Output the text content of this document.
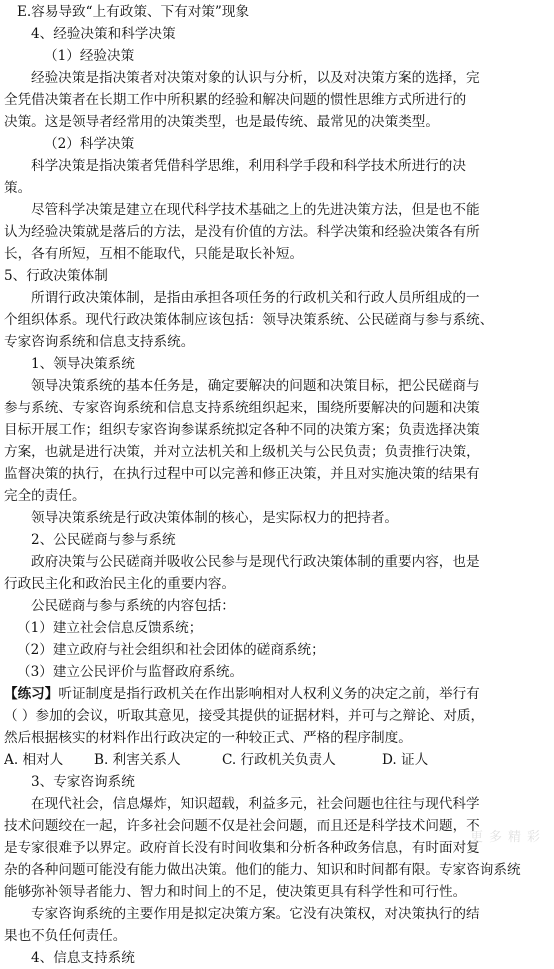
E.容易导致“上有政策、下有对策”现象
4、经验决策和科学决策
（1）经验决策
经验决策是指决策者对决策对象的认识与分析，以及对决策方案的选择，完
全凭借决策者在长期工作中所积累的经验和解决问题的惯性思维方式所进行的
决策。这是领导者经常用的决策类型，也是最传统、最常见的决策类型。
（2）科学决策
科学决策是指决策者凭借科学思维，利用科学手段和科学技术所进行的决
策。
尽管科学决策是建立在现代科学技术基础之上的先进决策方法，但是也不能
认为经验决策就是落后的方法，是没有价值的方法。科学决策和经验决策各有所
长，各有所短，互相不能取代，只能是取长补短。
5、行政决策体制
所谓行政决策体制，是指由承担各项任务的行政机关和行政人员所组成的一
个组织体系。现代行政决策体制应该包括：领导决策系统、公民磋商与参与系统、
专家咨询系统和信息支持系统。
1、领导决策系统
领导决策系统的基本任务是，确定要解决的问题和决策目标，把公民磋商与
参与系统、专家咨询系统和信息支持系统组织起来，围绕所要解决的问题和决策
目标开展工作；组织专家咨询参谋系统拟定各种不同的决策方案；负责选择决策
方案，也就是进行决策，并对立法机关和上级机关与公民负责；负责推行决策，
监督决策的执行，在执行过程中可以完善和修正决策，并且对实施决策的结果有
完全的责任。
领导决策系统是行政决策体制的核心，是实际权力的把持者。
2、公民磋商与参与系统
政府决策与公民磋商并吸收公民参与是现代行政决策体制的重要内容，也是
行政民主化和政治民主化的重要内容。
公民磋商与参与系统的内容包括：
（1）建立社会信息反馈系统；
（2）建立政府与社会组织和社会团体的磋商系统；
（3）建立公民评价与监督政府系统。
【练习】听证制度是指行政机关在作出影响相对人权利义务的决定之前，举行有
（ ）参加的会议，听取其意见，接受其提供的证据材料，并可与之辩论、对质，
然后根据核实的材料作出行政决定的一种较正式、严格的程序制度。
A. 相对人 B. 利害关系人	C. 行政机关负责人	D. 证人
3、专家咨询系统
在现代社会，信息爆炸，知识超载，利益多元，社会问题也往往与现代科学
技术问题绞在一起，许多社会问题不仅是社会问题，而且还是科学技术问题，不
是专家很难予以界定。政府首长没有时间收集和分析各种政务信息，有时面对复
杂的各种问题可能没有能力做出决策。他们的能力、知识和时间都有限。专家咨询系统
能够弥补领导者能力、智力和时间上的不足，使决策更具有科学性和可行性。
专家咨询系统的主要作用是拟定决策方案。它没有决策权，对决策执行的结
果也不负任何责任。
4、信息支持系统
更多精彩
